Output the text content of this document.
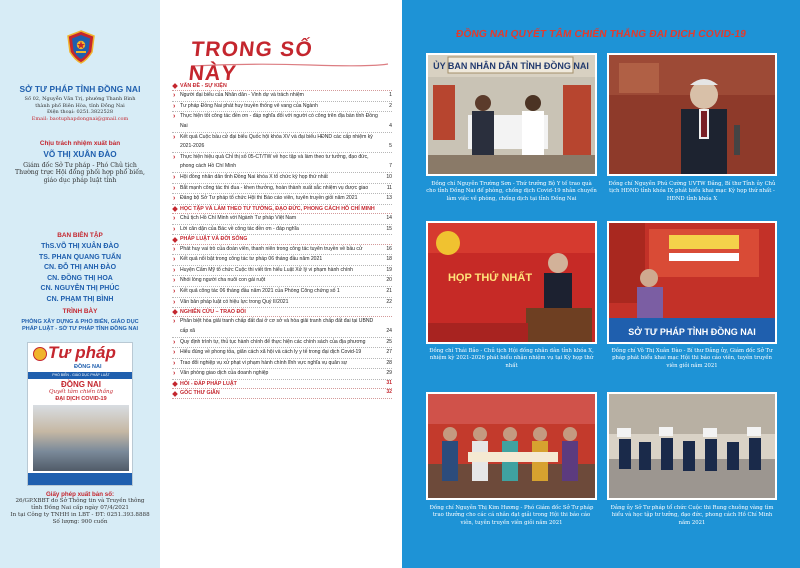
SỞ TƯ PHÁP TỈNH ĐỒNG NAI
Số 02, Nguyễn Văn Trị, phường Thanh Bình
thành phố Biên Hòa, tỉnh Đồng Nai
Điện thoại: 0251.3822528
Email: baotuphapdongnai@gmail.com
Chịu trách nhiệm xuất bản
VÕ THỊ XUÂN ĐÀO
Giám đốc Sở Tư pháp - Phó Chủ tịch
Thường trực Hội đồng phối hợp phổ biến,
giáo dục pháp luật tỉnh
BAN BIÊN TẬP
ThS.VÕ THỊ XUÂN ĐÀO
TS. PHAN QUANG TUẤN
CN. ĐỖ THỊ ANH ĐÀO
CN. ĐỒNG THỊ HOA
CN. NGUYỄN THỊ PHÚC
CN. PHẠM THỊ BÌNH
TRÌNH BÀY
PHÒNG XÂY DỰNG & PHỔ BIẾN, GIÁO DỤC
PHÁP LUẬT - SỞ TƯ PHÁP TỈNH ĐỒNG NAI
Tư pháp
ĐỒNG NAI
PHỔ BIẾN - GIÁO DỤC PHÁP LUẬT
ĐỒNG NAI
Quyết tâm chiến thắng
ĐẠI DỊCH COVID-19
Giấy phép xuất bản số:
26/GP.XBBT do Sở Thông tin và Truyền thông
tỉnh Đồng Nai cấp ngày 07/4/2021
In tại Công ty TNHH in LBT - ĐT: 0251.393.8888
Số lượng: 900 cuốn
TRONG SỐ NÀY
VẤN ĐỀ - SỰ KIỆN
› Người đại biểu của Nhân dân - Vinh dự và trách nhiệm	1
› Tư pháp Đồng Nai phát huy truyền thống vẻ vang của Ngành	2
› Thực hiện tốt công tác đền ơn - đáp nghĩa đối với người có công trên địa bàn tỉnh Đồng Nai	4
› Kết quả Cuộc bầu cử đại biểu Quốc hội khóa XV và đại biểu HĐND các cấp nhiệm kỳ 2021-2026	5
› Thực hiện hiệu quả Chỉ thị số 05-CT/TW về học tập và làm theo tư tưởng, đạo đức, phong cách Hồ Chí Minh	7
› Hội đồng nhân dân tỉnh Đồng Nai khóa X tổ chức kỳ họp thứ nhất	10
› Bắt mạnh công tác thi đua - khen thưởng, hoàn thành xuất sắc nhiệm vụ được giao	11
› Đảng bộ Sở Tư pháp tổ chức Hội thi Báo cáo viên, tuyên truyền giỏi năm 2021	13
HỌC TẬP VÀ LÀM THEO TƯ TƯỞNG, ĐẠO ĐỨC, PHONG CÁCH HỒ CHÍ MINH
› Chủ tịch Hồ Chí Minh với Ngành Tư pháp Việt Nam	14
› Lời căn dặn của Bác về công tác đền ơn - đáp nghĩa	15
PHÁP LUẬT VÀ ĐỜI SỐNG
› Phát huy vai trò của đoàn viên, thanh niên trong công tác tuyên truyền về bầu cử	16
› Kết quả nổi bật trong công tác tư pháp 06 tháng đầu năm 2021	18
› Huyện Cẩm Mỹ tổ chức Cuộc thi viết tìm hiểu Luật Xử lý vi phạm hành chính	19
› Nhói lòng người cha nuôi con gái ruột	20
› Kết quả công tác 06 tháng đầu năm 2021 của Phòng Công chứng số 1	21
› Văn bản pháp luật có hiệu lực trong Quý II/2021	22
NGHIÊN CỨU – TRAO ĐỔI
› Phân biệt hòa giải tranh chấp đất đai ở cơ sở và hòa giải tranh chấp đất đai tại UBND cấp xã	24
› Quy định trình tự, thủ tục hành chính để thực hiện các chính sách của địa phương	25
› Hiểu đúng về phong tỏa, giãn cách xã hội và cách ly y tế trong đại dịch Covid-19	27
› Trao đổi nghiệp vụ xử phạt vi phạm hành chính lĩnh vực nghĩa vụ quân sự	28
› Văn phòng giao dịch của doanh nghiệp	29
HỎI - ĐÁP PHÁP LUẬT	31
GÓC THƯ GIÃN	32
ĐỒNG NAI QUYẾT TÂM CHIẾN THẮNG ĐẠI DỊCH COVID-19
ỦY BAN NHÂN DÂN TỈNH ĐỒNG NAI
Đồng chí Nguyễn Trường Sơn - Thứ trưởng Bộ Y tế trao quà cho tỉnh Đồng Nai để phòng, chống dịch Covid-19 nhân chuyến làm việc về phòng, chống dịch tại tỉnh Đồng Nai
Đồng chí Nguyễn Phú Cường UVTW Đảng, Bí thư Tỉnh ủy Chủ tịch HĐND tỉnh khóa IX phát biểu khai mạc Kỳ họp thứ nhất - HĐND tỉnh khóa X
HỌP THỨ NHẤT
Đồng chí Thái Bảo - Chủ tịch Hội đồng nhân dân tỉnh khóa X, nhiệm kỳ 2021-2026 phát biểu nhận nhiệm vụ tại Kỳ họp thứ nhất
SỞ TƯ PHÁP TỈNH ĐỒNG NAI
Đồng chí Võ Thị Xuân Đào - Bí thư Đảng ủy, Giám đốc Sở Tư pháp phát biểu khai mạc Hội thi báo cáo viên, tuyên truyền viên giỏi năm 2021
Đồng chí Nguyễn Thị Kim Hương - Phó Giám đốc Sở Tư pháp trao thưởng cho các cá nhân đạt giải trong Hội thi báo cáo viên, tuyên truyền viên giỏi năm 2021
Đảng ủy Sở Tư pháp tổ chức Cuộc thi Rung chuông vàng tìm hiểu và học tập tư tưởng, đạo đức, phong cách Hồ Chí Minh năm 2021
